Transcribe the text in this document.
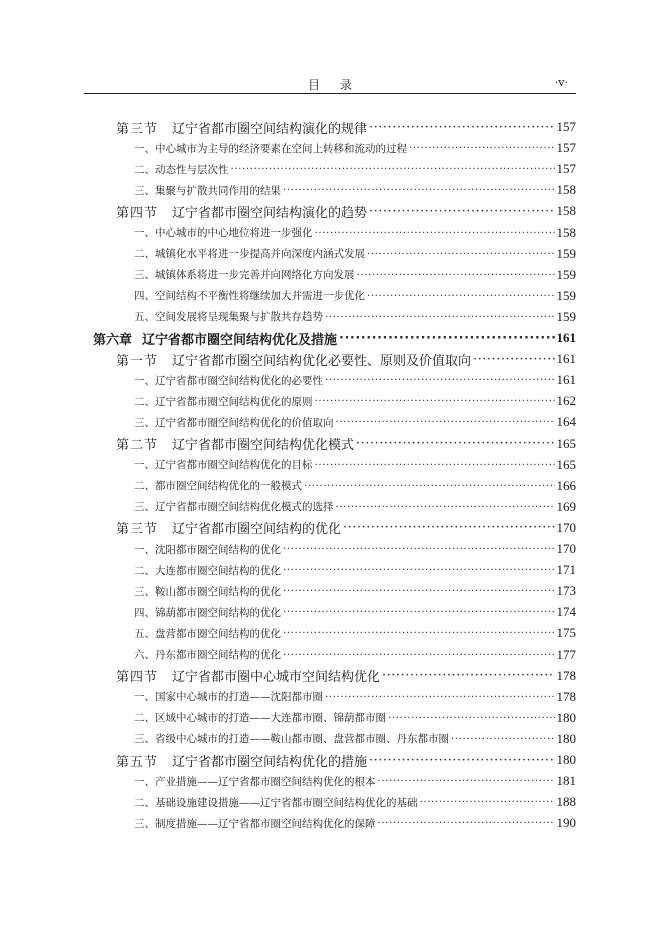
目录	·v·
第三节 辽宁省都市圈空间结构演化的规律 ·····	157
一、中心城市为主导的经济要素在空间上转移和流动的过程 ·····	157
二、动态性与层次性 ·····	157
三、集聚与扩散共同作用的结果 ·····	158
第四节 辽宁省都市圈空间结构演化的趋势 ·····	158
一、中心城市的中心地位将进一步强化 ·····	158
二、城镇化水平将进一步提高并向深度内涵式发展 ·····	159
三、城镇体系将进一步完善并向网络化方向发展 ·····	159
四、空间结构不平衡性将继续加大并需进一步优化 ·····	159
五、空间发展将呈现集聚与扩散共存趋势 ·····	159
第六章 辽宁省都市圈空间结构优化及措施 ·····	161
第一节 辽宁省都市圈空间结构优化必要性、原则及价值取向 ·····	161
一、辽宁省都市圈空间结构优化的必要性 ·····	161
二、辽宁省都市圈空间结构优化的原则 ·····	162
三、辽宁省都市圈空间结构优化的价值取向 ·····	164
第二节 辽宁省都市圈空间结构优化模式 ·····	165
一、辽宁省都市圈空间结构优化的目标 ·····	165
二、都市圈空间结构优化的一般模式 ·····	166
三、辽宁省都市圈空间结构优化模式的选择 ·····	169
第三节 辽宁省都市圈空间结构的优化 ·····	170
一、沈阳都市圈空间结构的优化 ·····	170
二、大连都市圈空间结构的优化 ·····	171
三、鞍山都市圈空间结构的优化 ·····	173
四、锦葫都市圈空间结构的优化 ·····	174
五、盘营都市圈空间结构的优化 ·····	175
六、丹东都市圈空间结构的优化 ·····	177
第四节 辽宁省都市圈中心城市空间结构优化 ·····	178
一、国家中心城市的打造——沈阳都市圈 ·····	178
二、区域中心城市的打造——大连都市圈、锦葫都市圈 ·····	180
三、省级中心城市的打造——鞍山都市圈、盘营都市圈、丹东都市圈 ·····	180
第五节 辽宁省都市圈空间结构优化的措施 ·····	180
一、产业措施——辽宁省都市圈空间结构优化的根本 ·····	181
二、基础设施建设措施——辽宁省都市圈空间结构优化的基础 ·····	188
三、制度措施——辽宁省都市圈空间结构优化的保障 ·····	190
